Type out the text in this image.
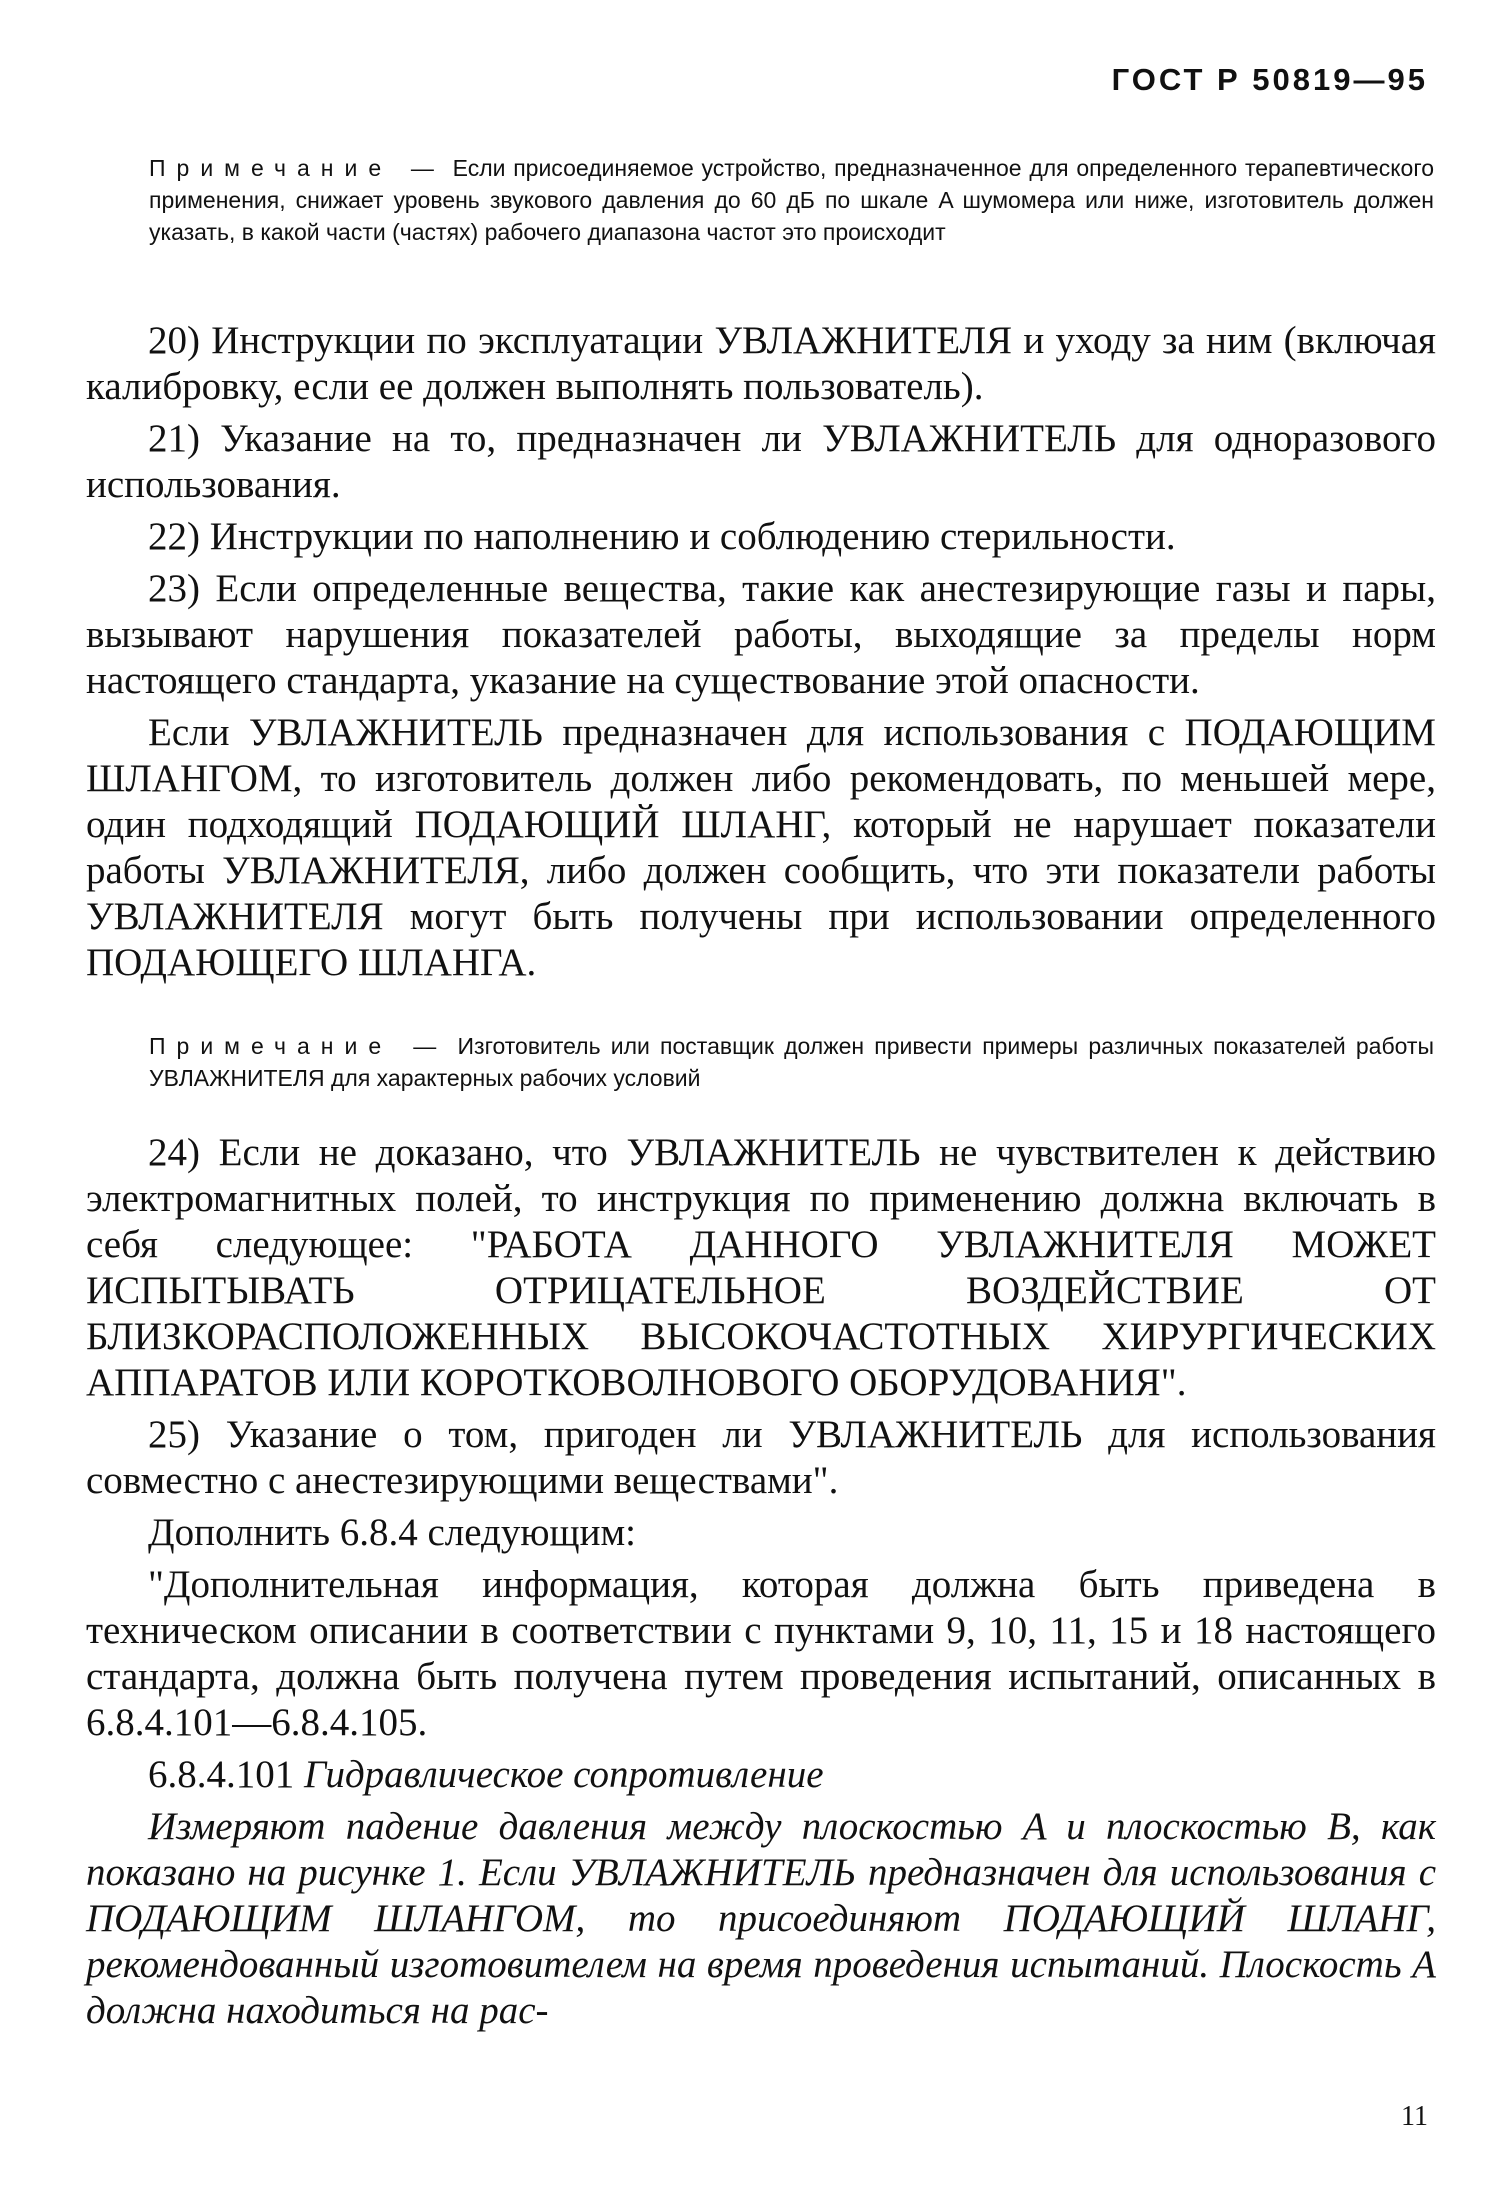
ГОСТ Р 50819—95
Примечание — Если присоединяемое устройство, предназначенное для определенного терапевтического применения, снижает уровень звукового давления до 60 дБ по шкале A шумомера или ниже, изготовитель должен указать, в какой части (частях) рабочего диапазона частот это происходит

20) Инструкции по эксплуатации УВЛАЖНИТЕЛЯ и уходу за ним (включая калибровку, если ее должен выполнять пользователь).

21) Указание на то, предназначен ли УВЛАЖНИТЕЛЬ для одноразового использования.

22) Инструкции по наполнению и соблюдению стерильности.

23) Если определенные вещества, такие как анестезирующие газы и пары, вызывают нарушения показателей работы, выходящие за пределы норм настоящего стандарта, указание на существование этой опасности.

Если УВЛАЖНИТЕЛЬ предназначен для использования с ПОДАЮЩИМ ШЛАНГОМ, то изготовитель должен либо рекомендовать, по меньшей мере, один подходящий ПОДАЮЩИЙ ШЛАНГ, который не нарушает показатели работы УВЛАЖНИТЕЛЯ, либо должен сообщить, что эти показатели работы УВЛАЖНИТЕЛЯ могут быть получены при использовании определенного ПОДАЮЩЕГО ШЛАНГА.

Примечание — Изготовитель или поставщик должен привести примеры различных показателей работы УВЛАЖНИТЕЛЯ для характерных рабочих условий

24) Если не доказано, что УВЛАЖНИТЕЛЬ не чувствителен к действию электромагнитных полей, то инструкция по применению должна включать в себя следующее: "РАБОТА ДАННОГО УВЛАЖНИТЕЛЯ МОЖЕТ ИСПЫТЫВАТЬ ОТРИЦАТЕЛЬНОЕ ВОЗДЕЙСТВИЕ ОТ БЛИЗКОРАСПОЛОЖЕННЫХ ВЫСОКОЧАСТОТНЫХ ХИРУРГИЧЕСКИХ АППАРАТОВ ИЛИ КОРОТКОВОЛНОВОГО ОБОРУДОВАНИЯ".

25) Указание о том, пригоден ли УВЛАЖНИТЕЛЬ для использования совместно с анестезирующими веществами".

Дополнить 6.8.4 следующим:

"Дополнительная информация, которая должна быть приведена в техническом описании в соответствии с пунктами 9, 10, 11, 15 и 18 настоящего стандарта, должна быть получена путем проведения испытаний, описанных в 6.8.4.101—6.8.4.105.

6.8.4.101 Гидравлическое сопротивление

Измеряют падение давления между плоскостью A и плоскостью B, как показано на рисунке 1. Если УВЛАЖНИТЕЛЬ предназначен для использования с ПОДАЮЩИМ ШЛАНГОМ, то присоединяют ПОДАЮЩИЙ ШЛАНГ, рекомендованный изготовителем на время проведения испытаний. Плоскость A должна находиться на рас-

11
